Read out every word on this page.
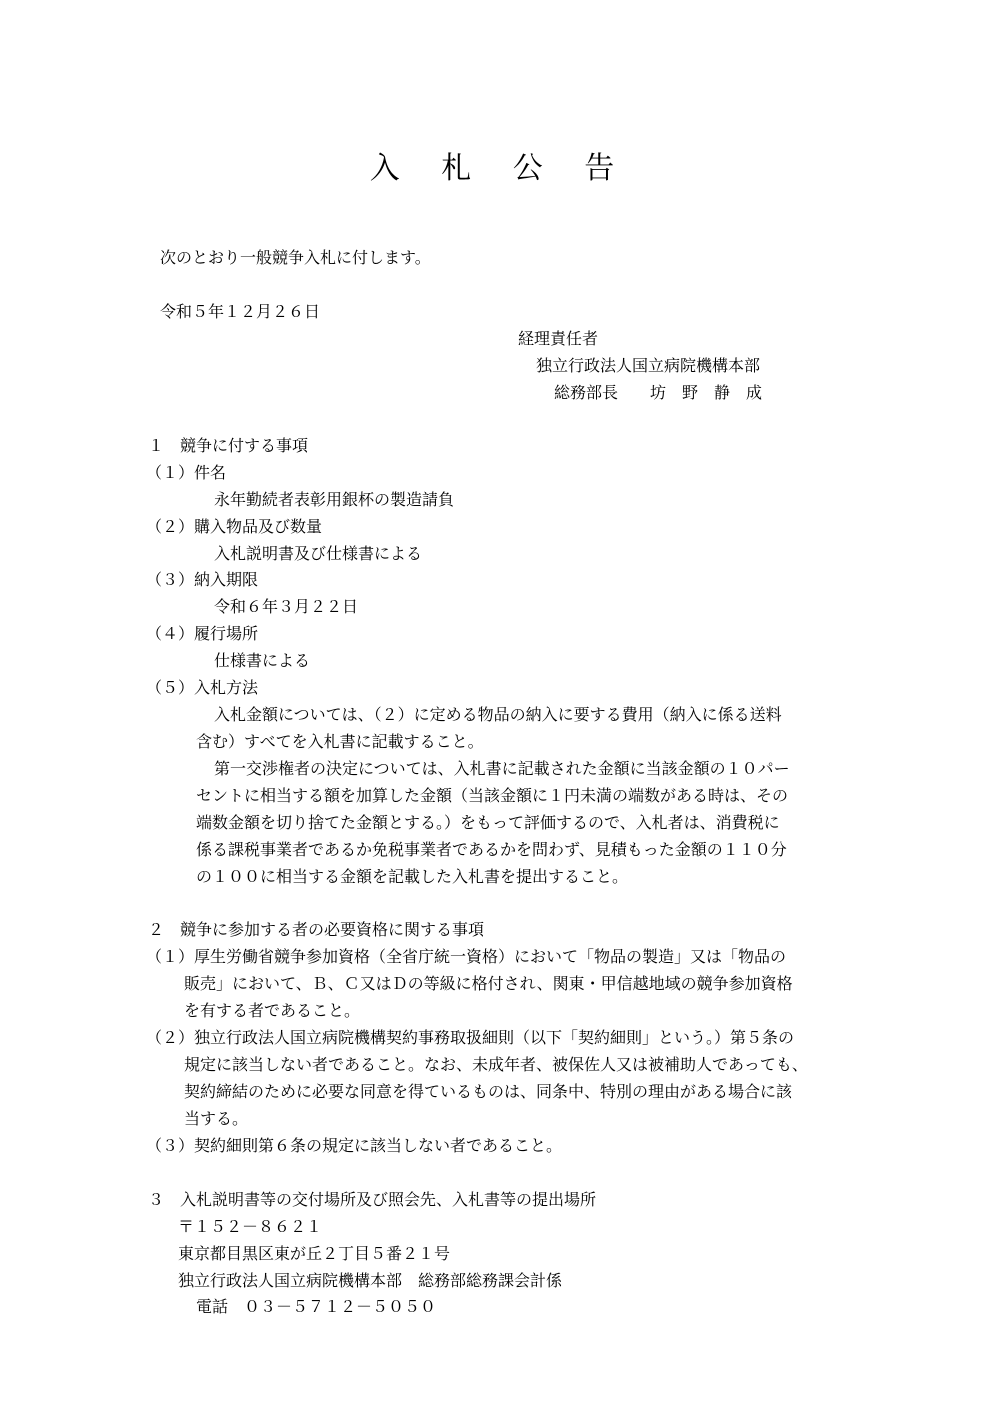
入 札 公 告
次のとおり一般競争入札に付します。
令和５年１２月２６日
経理責任者
独立行政法人国立病院機構本部
総務部長　　坊　野　静　成
１　競争に付する事項
（１）件名
永年勤続者表彰用銀杯の製造請負
（２）購入物品及び数量
入札説明書及び仕様書による
（３）納入期限
令和６年３月２２日
（４）履行場所
仕様書による
（５）入札方法
入札金額については、（２）に定める物品の納入に要する費用（納入に係る送料
含む）すべてを入札書に記載すること。
第一交渉権者の決定については、入札書に記載された金額に当該金額の１０パー
セントに相当する額を加算した金額（当該金額に１円未満の端数がある時は、その
端数金額を切り捨てた金額とする。）をもって評価するので、入札者は、消費税に
係る課税事業者であるか免税事業者であるかを問わず、見積もった金額の１１０分
の１００に相当する金額を記載した入札書を提出すること。
２　競争に参加する者の必要資格に関する事項
（１）厚生労働省競争参加資格（全省庁統一資格）において「物品の製造」又は「物品の
販売」において、Ｂ、Ｃ又はＤの等級に格付され、関東・甲信越地域の競争参加資格
を有する者であること。
（２）独立行政法人国立病院機構契約事務取扱細則（以下「契約細則」という。）第５条の
規定に該当しない者であること。なお、未成年者、被保佐人又は被補助人であっても、
契約締結のために必要な同意を得ているものは、同条中、特別の理由がある場合に該
当する。
（３）契約細則第６条の規定に該当しない者であること。
３　入札説明書等の交付場所及び照会先、入札書等の提出場所
〒１５２－８６２１
東京都目黒区東が丘２丁目５番２１号
独立行政法人国立病院機構本部　総務部総務課会計係
電話　０３－５７１２－５０５０
